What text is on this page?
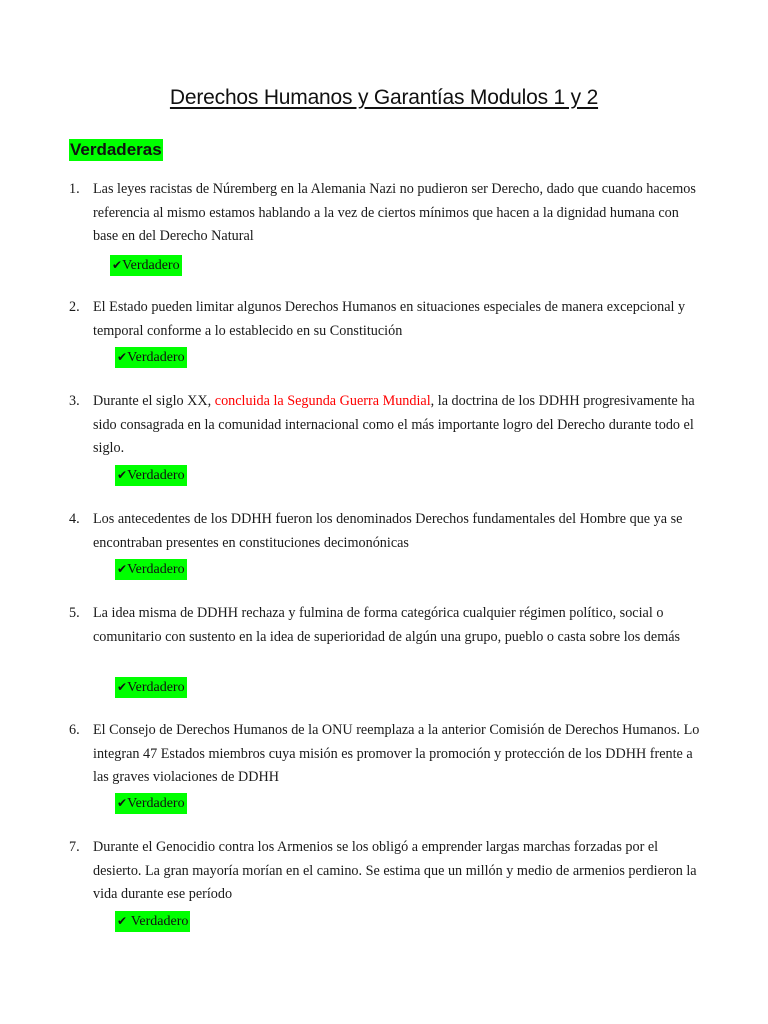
Derechos Humanos y Garantías Modulos 1 y 2
Verdaderas
1. Las leyes racistas de Núremberg en la Alemania Nazi no pudieron ser Derecho, dado que cuando hacemos referencia al mismo estamos hablando a la vez de ciertos mínimos que hacen a la dignidad humana con base en del Derecho Natural
✔Verdadero
2. El Estado pueden limitar algunos Derechos Humanos en situaciones especiales de manera excepcional y temporal conforme a lo establecido en su Constitución
✔Verdadero
3. Durante el siglo XX, concluida la Segunda Guerra Mundial, la doctrina de los DDHH progresivamente ha sido consagrada en la comunidad internacional como el más importante logro del Derecho durante todo el siglo.
✔Verdadero
4. Los antecedentes de los DDHH fueron los denominados Derechos fundamentales del Hombre que ya se encontraban presentes en constituciones decimonónicas
✔Verdadero
5. La idea misma de DDHH rechaza y fulmina de forma categórica cualquier régimen político, social o comunitario con sustento en la idea de superioridad de algún una grupo, pueblo o casta sobre los demás
✔Verdadero
6. El Consejo de Derechos Humanos de la ONU reemplaza a la anterior Comisión de Derechos Humanos. Lo integran 47 Estados miembros cuya misión es promover la promoción y protección de los DDHH frente a las graves violaciones de DDHH
✔Verdadero
7. Durante el Genocidio contra los Armenios se los obligó a emprender largas marchas forzadas por el desierto. La gran mayoría morían en el camino. Se estima que un millón y medio de armenios perdieron la vida durante ese período
✔ Verdadero
